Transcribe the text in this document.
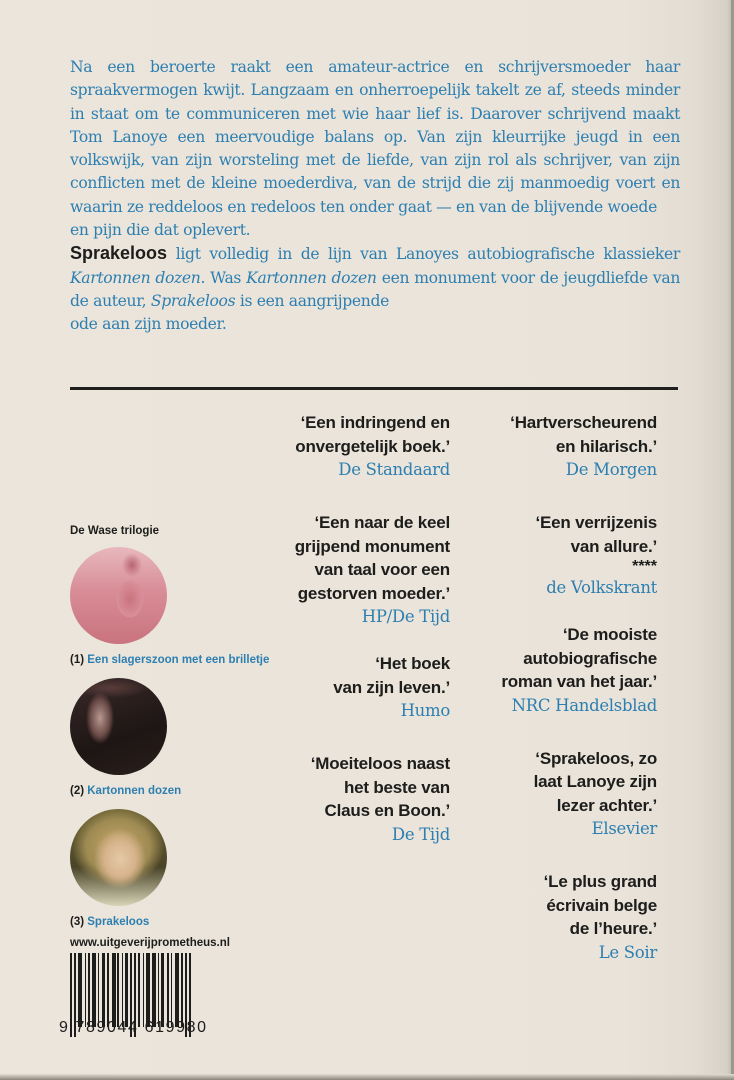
Na een beroerte raakt een amateur-actrice en schrijversmoeder haar spraakvermogen kwijt. Langzaam en onherroepelijk takelt ze af, steeds minder in staat om te communiceren met wie haar lief is. Daarover schrijvend maakt Tom Lanoye een meervoudige balans op. Van zijn kleurrijke jeugd in een volkswijk, van zijn worsteling met de liefde, van zijn rol als schrijver, van zijn conflicten met de kleine moederdiva, van de strijd die zij manmoedig voert en waarin ze reddeloos en redeloos ten onder gaat — en van de blijvende woede

en pijn die dat oplevert.

Sprakeloos ligt volledig in de lijn van Lanoyes autobiografische klassieker Kartonnen dozen. Was Kartonnen dozen een monument voor de jeugdliefde van de auteur, Sprakeloos is een aangrijpende

ode aan zijn moeder.

De Wase trilogie
(1) Een slagerszoon met een brilletje
(2) Kartonnen dozen
(3) Sprakeloos
www.uitgeverijprometheus.nl
9 789044 619980
‘Een indringend en
onvergetelijk boek.’
De Standaard
‘Een naar de keel
grijpend monument
van taal voor een
gestorven moeder.’
HP/De Tijd
‘Het boek
van zijn leven.’
Humo
‘Moeiteloos naast
het beste van
Claus en Boon.’
De Tijd
‘Hartverscheurend
en hilarisch.’
De Morgen
‘Een verrijzenis
van allure.’
****
de Volkskrant
‘De mooiste
autobiografische
roman van het jaar.’
NRC Handelsblad
‘Sprakeloos, zo
laat Lanoye zijn
lezer achter.’
Elsevier
‘Le plus grand
écrivain belge
de l’heure.’
Le Soir
